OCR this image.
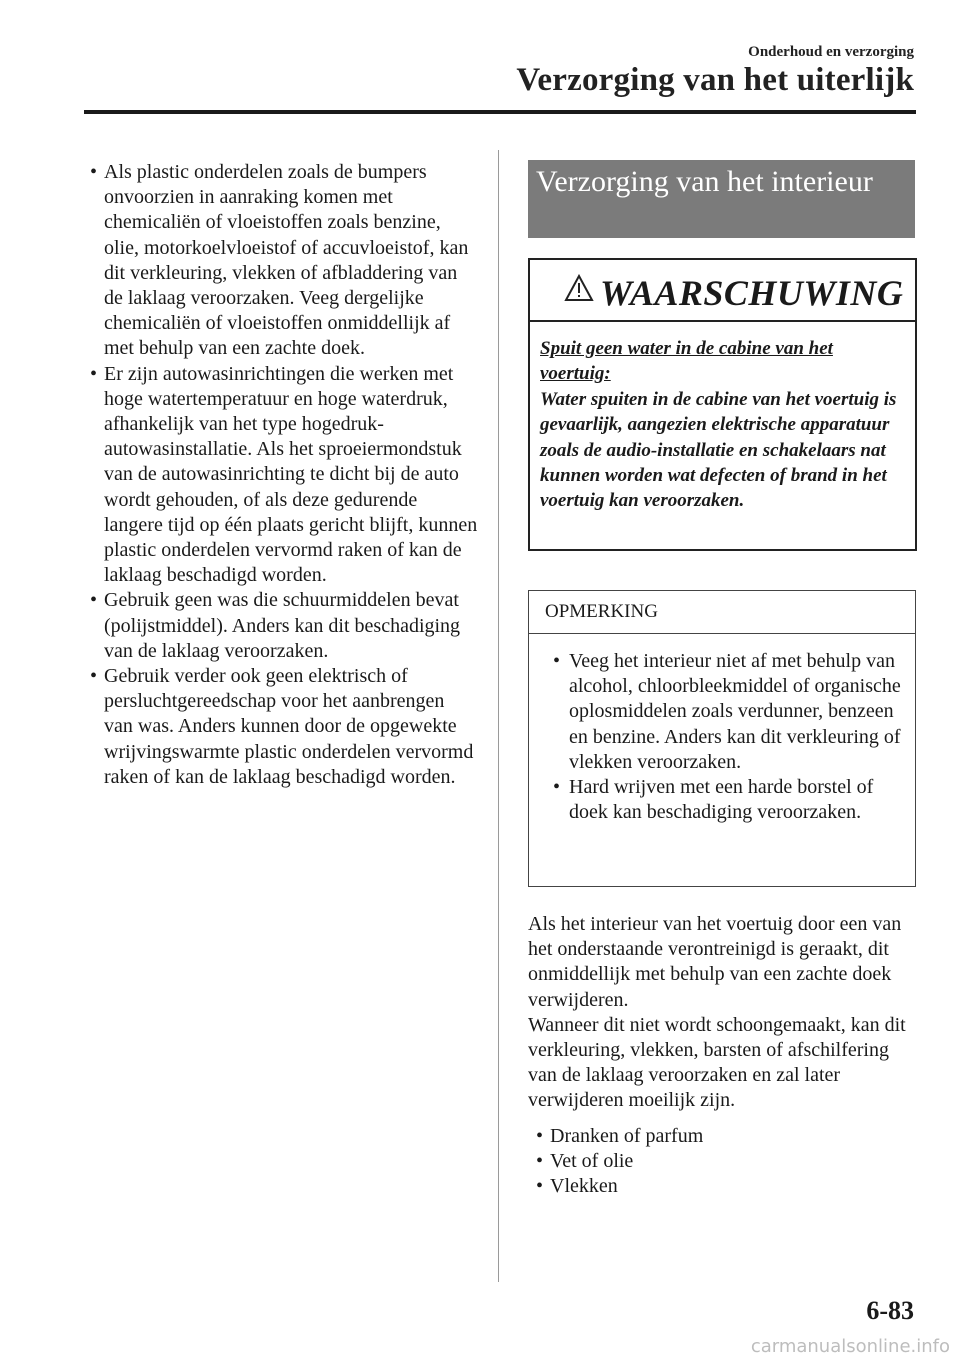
Onderhoud en verzorging
Verzorging van het uiterlijk

• Als plastic onderdelen zoals de bumpers onvoorzien in aanraking komen met chemicaliën of vloeistoffen zoals benzine, olie, motorkoelvloeistof of accuvloeistof, kan dit verkleuring, vlekken of afbladdering van de laklaag veroorzaken. Veeg dergelijke chemicaliën of vloeistoffen onmiddellijk af met behulp van een zachte doek.

• Er zijn autowasinrichtingen die werken met hoge watertemperatuur en hoge waterdruk, afhankelijk van het type hogedruk-autowasinstallatie. Als het sproeiermondstuk van de autowasinrichting te dicht bij de auto wordt gehouden, of als deze gedurende langere tijd op één plaats gericht blijft, kunnen plastic onderdelen vervormd raken of kan de laklaag beschadigd worden.

• Gebruik geen was die schuurmiddelen bevat (polijstmiddel). Anders kan dit beschadiging van de laklaag veroorzaken.

• Gebruik verder ook geen elektrisch of persluchtgereedschap voor het aanbrengen van was. Anders kunnen door de opgewekte wrijvingswarmte plastic onderdelen vervormd raken of kan de laklaag beschadigd worden.

Verzorging van het interieur
WAARSCHUWING
Spuit geen water in de cabine van het voertuig:
Water spuiten in de cabine van het voertuig is gevaarlijk, aangezien elektrische apparatuur zoals de audio-installatie en schakelaars nat kunnen worden wat defecten of brand in het voertuig kan veroorzaken.
OPMERKING

• Veeg het interieur niet af met behulp van alcohol, chloorbleekmiddel of organische oplosmiddelen zoals verdunner, benzeen en benzine. Anders kan dit verkleuring of vlekken veroorzaken.

• Hard wrijven met een harde borstel of doek kan beschadiging veroorzaken.

Als het interieur van het voertuig door een van het onderstaande verontreinigd is geraakt, dit onmiddellijk met behulp van een zachte doek verwijderen.

Wanneer dit niet wordt schoongemaakt, kan dit verkleuring, vlekken, barsten of afschilfering van de laklaag veroorzaken en zal later verwijderen moeilijk zijn.

• Dranken of parfum

• Vet of olie

• Vlekken

6-83
carmanualsonline.info
